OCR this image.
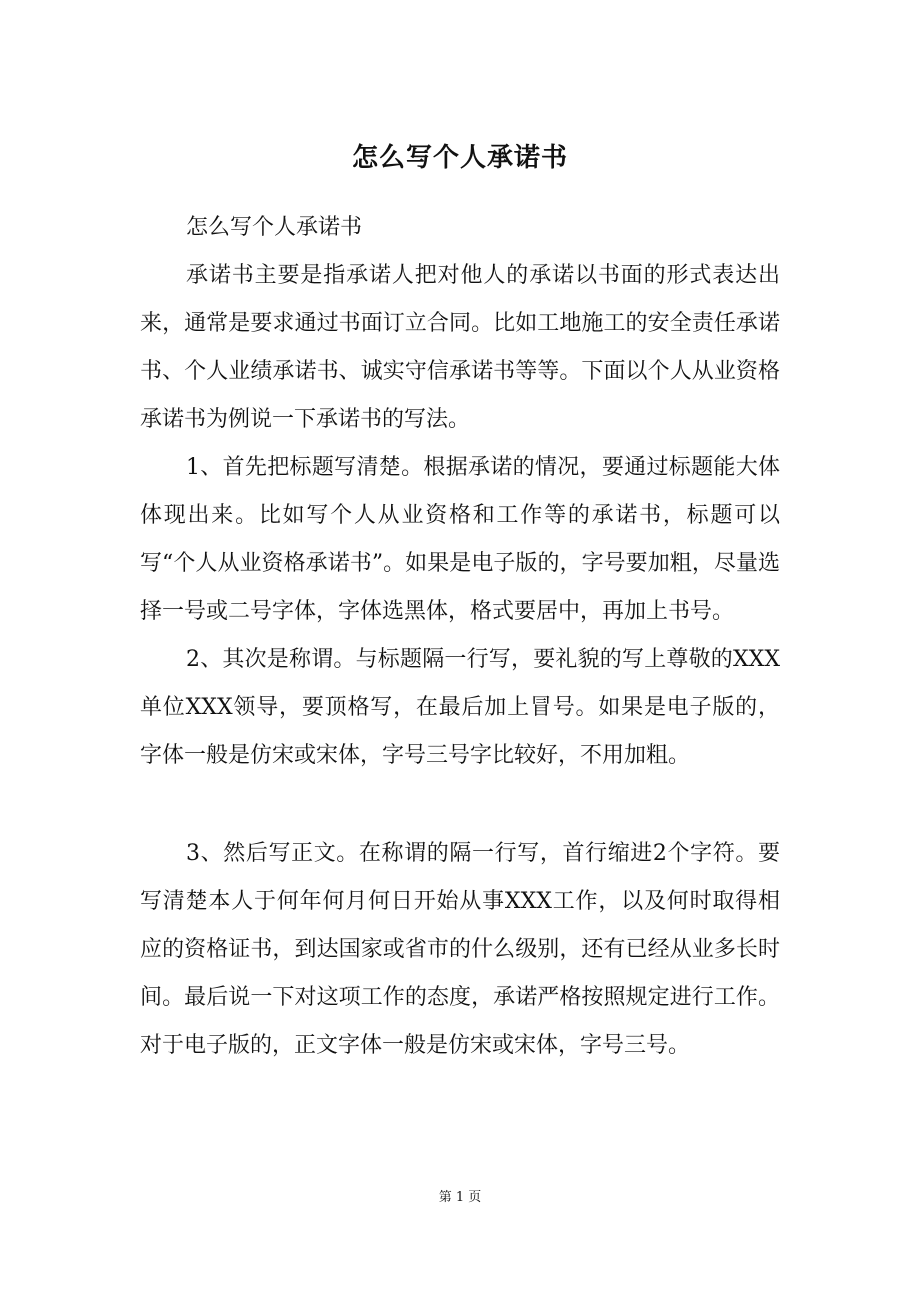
怎么写个人承诺书

怎么写个人承诺书

承诺书主要是指承诺人把对他人的承诺以书面的形式表达出来，通常是要求通过书面订立合同。比如工地施工的安全责任承诺书、个人业绩承诺书、诚实守信承诺书等等。下面以个人从业资格承诺书为例说一下承诺书的写法。

1、首先把标题写清楚。根据承诺的情况，要通过标题能大体体现出来。比如写个人从业资格和工作等的承诺书，标题可以写“个人从业资格承诺书”。如果是电子版的，字号要加粗，尽量选择一号或二号字体，字体选黑体，格式要居中，再加上书号。

2、其次是称谓。与标题隔一行写，要礼貌的写上尊敬的XXX单位XXX领导，要顶格写，在最后加上冒号。如果是电子版的，字体一般是仿宋或宋体，字号三号字比较好，不用加粗。

3、然后写正文。在称谓的隔一行写，首行缩进2个字符。要写清楚本人于何年何月何日开始从事XXX工作，以及何时取得相应的资格证书，到达国家或省市的什么级别，还有已经从业多长时间。最后说一下对这项工作的态度，承诺严格按照规定进行工作。对于电子版的，正文字体一般是仿宋或宋体，字号三号。

第 1 页
